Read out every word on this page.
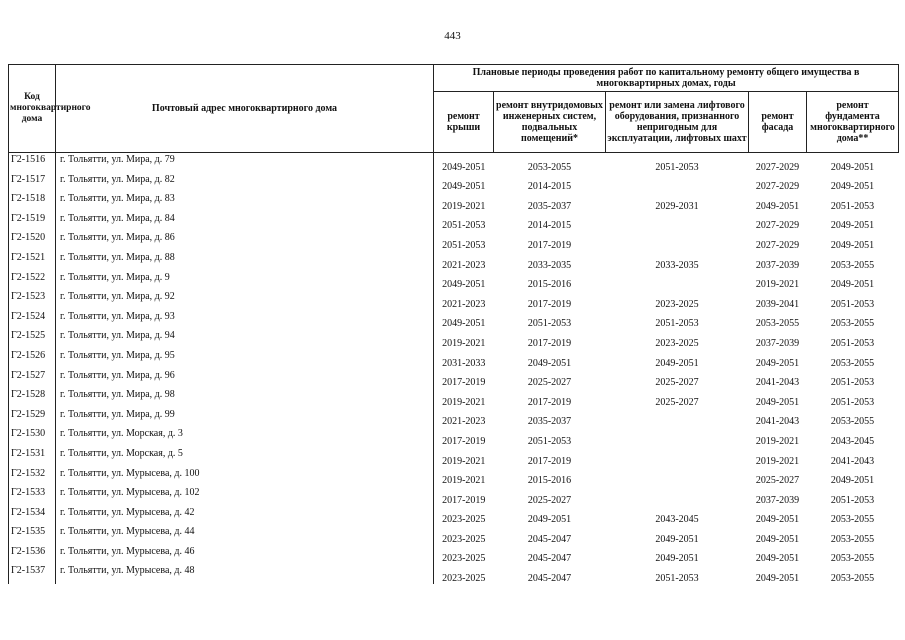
443
Код многоквартирного дома	Почтовый адрес многоквартирного дома	Плановые периоды проведения работ по капитальному ремонту общего имущества в многоквартирных домах, годы				
		ремонт крыши	ремонт внутридомовых инженерных систем, подвальных помещений*	ремонт или замена лифтового оборудования, признанного непригодным для эксплуатации, лифтовых шахт	ремонт фасада	ремонт фундамента многоквартирного дома**
Г2-1516	г. Тольятти, ул. Мира, д. 79	2049-2051	2053-2055	2051-2053	2027-2029	2049-2051
Г2-1517	г. Тольятти, ул. Мира, д. 82	2049-2051	2014-2015		2027-2029	2049-2051
Г2-1518	г. Тольятти, ул. Мира, д. 83	2019-2021	2035-2037	2029-2031	2049-2051	2051-2053
Г2-1519	г. Тольятти, ул. Мира, д. 84	2051-2053	2014-2015		2027-2029	2049-2051
Г2-1520	г. Тольятти, ул. Мира, д. 86	2051-2053	2017-2019		2027-2029	2049-2051
Г2-1521	г. Тольятти, ул. Мира, д. 88	2021-2023	2033-2035	2033-2035	2037-2039	2053-2055
Г2-1522	г. Тольятти, ул. Мира, д. 9	2049-2051	2015-2016		2019-2021	2049-2051
Г2-1523	г. Тольятти, ул. Мира, д. 92	2021-2023	2017-2019	2023-2025	2039-2041	2051-2053
Г2-1524	г. Тольятти, ул. Мира, д. 93	2049-2051	2051-2053	2051-2053	2053-2055	2053-2055
Г2-1525	г. Тольятти, ул. Мира, д. 94	2019-2021	2017-2019	2023-2025	2037-2039	2051-2053
Г2-1526	г. Тольятти, ул. Мира, д. 95	2031-2033	2049-2051	2049-2051	2049-2051	2053-2055
Г2-1527	г. Тольятти, ул. Мира, д. 96	2017-2019	2025-2027	2025-2027	2041-2043	2051-2053
Г2-1528	г. Тольятти, ул. Мира, д. 98	2019-2021	2017-2019	2025-2027	2049-2051	2051-2053
Г2-1529	г. Тольятти, ул. Мира, д. 99	2021-2023	2035-2037		2041-2043	2053-2055
Г2-1530	г. Тольятти, ул. Морская, д. 3	2017-2019	2051-2053		2019-2021	2043-2045
Г2-1531	г. Тольятти, ул. Морская, д. 5	2019-2021	2017-2019		2019-2021	2041-2043
Г2-1532	г. Тольятти, ул. Мурысева, д. 100	2019-2021	2015-2016		2025-2027	2049-2051
Г2-1533	г. Тольятти, ул. Мурысева, д. 102	2017-2019	2025-2027		2037-2039	2051-2053
Г2-1534	г. Тольятти, ул. Мурысева, д. 42	2023-2025	2049-2051	2043-2045	2049-2051	2053-2055
Г2-1535	г. Тольятти, ул. Мурысева, д. 44	2023-2025	2045-2047	2049-2051	2049-2051	2053-2055
Г2-1536	г. Тольятти, ул. Мурысева, д. 46	2023-2025	2045-2047	2049-2051	2049-2051	2053-2055
Г2-1537	г. Тольятти, ул. Мурысева, д. 48	2023-2025	2045-2047	2051-2053	2049-2051	2053-2055
